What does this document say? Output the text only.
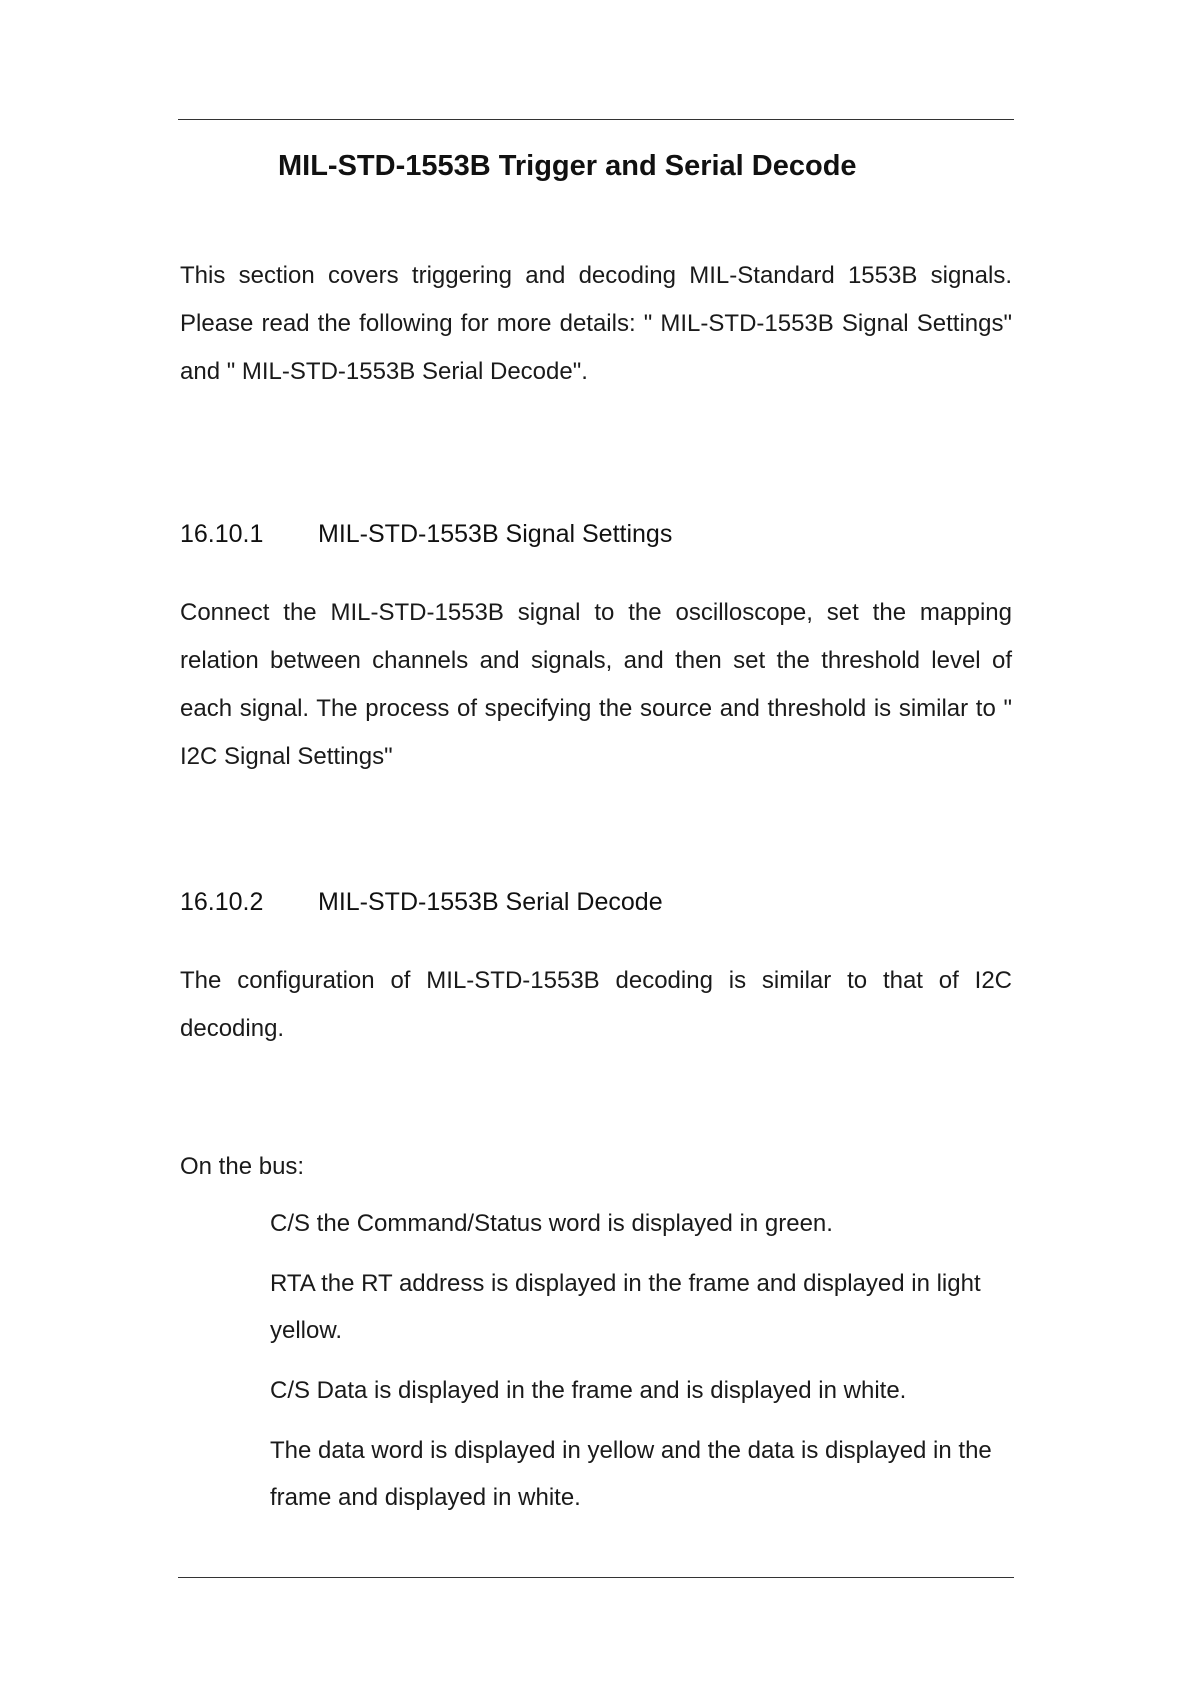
MIL-STD-1553B Trigger and Serial Decode

This section covers triggering and decoding MIL-Standard 1553B signals. Please read the following for more details: " MIL-STD-1553B Signal Settings" and " MIL-STD-1553B Serial Decode".

16.10.1 MIL-STD-1553B Signal Settings

Connect the MIL-STD-1553B signal to the oscilloscope, set the mapping relation between channels and signals, and then set the threshold level of each signal. The process of specifying the source and threshold is similar to " I2C Signal Settings"

16.10.2 MIL-STD-1553B Serial Decode

The configuration of MIL-STD-1553B decoding is similar to that of I2C decoding.

On the bus:

C/S the Command/Status word is displayed in green.
RTA the RT address is displayed in the frame and displayed in light yellow.
C/S Data is displayed in the frame and is displayed in white.
The data word is displayed in yellow and the data is displayed in the frame and displayed in white.
